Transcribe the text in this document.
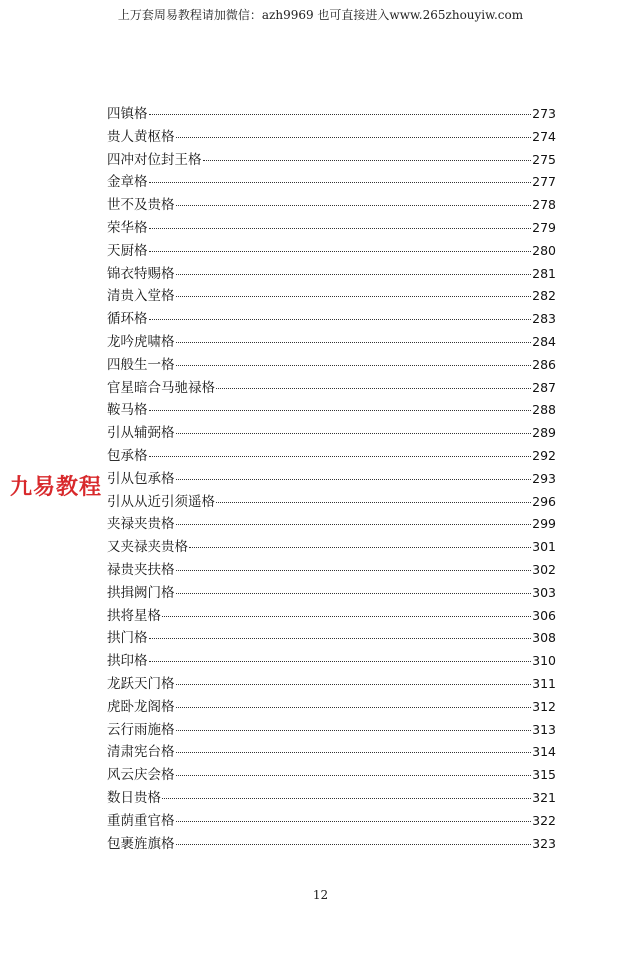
上万套周易教程请加微信：azh9969 也可直接进入www.265zhouyiw.com
四镇格	273
贵人黄枢格	274
四冲对位封王格	275
金章格	277
世不及贵格	278
荣华格	279
天厨格	280
锦衣特赐格	281
清贵入堂格	282
循环格	283
龙吟虎啸格	284
四般生一格	286
官星暗合马驰禄格	287
鞍马格	288
引从辅弼格	289
包承格	292
引从包承格	293
引从从近引须遥格	296
夹禄夹贵格	299
又夹禄夹贵格	301
禄贵夹扶格	302
拱揖阙门格	303
拱将星格	306
拱门格	308
拱印格	310
龙跃天门格	311
虎卧龙阁格	312
云行雨施格	313
清肃宪台格	314
风云庆会格	315
数日贵格	321
重荫重官格	322
包裹旌旗格	323
九易教程
12
